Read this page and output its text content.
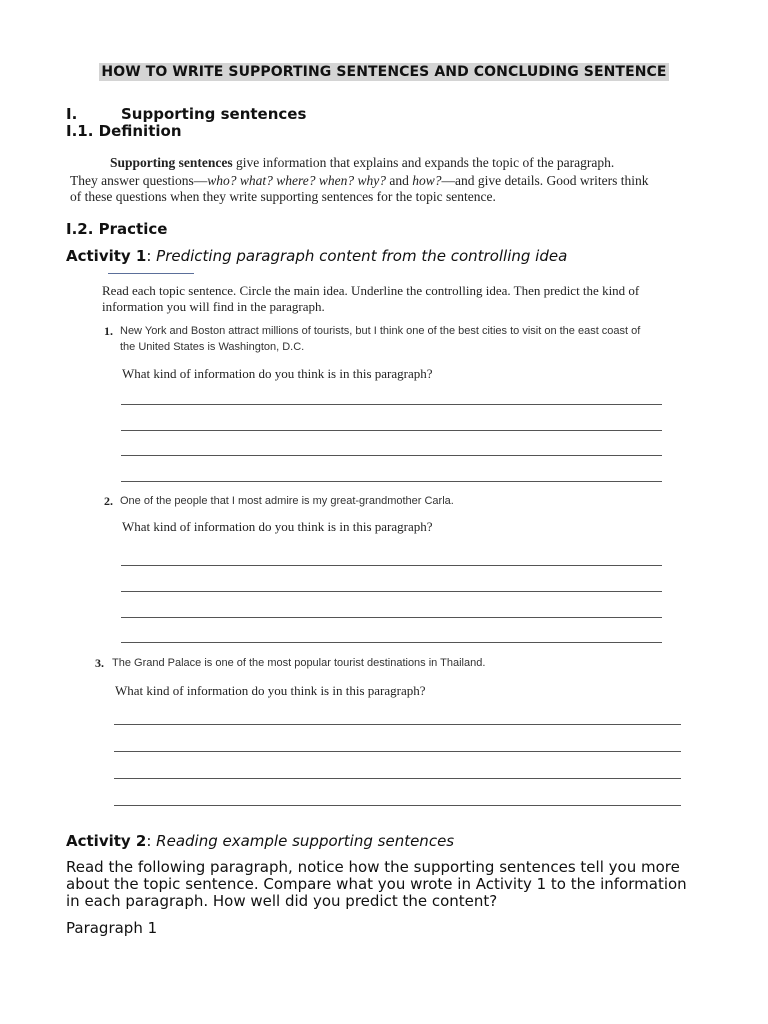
HOW TO WRITE SUPPORTING SENTENCES AND CONCLUDING SENTENCE
I.	Supporting sentences
I.1. Definition
Supporting sentences give information that explains and expands the topic of the paragraph.
They answer questions—who? what? where? when? why? and how?—and give details. Good writers think
of these questions when they write supporting sentences for the topic sentence.
I.2. Practice
Activity 1: Predicting paragraph content from the controlling idea
Read each topic sentence. Circle the main idea. Underline the controlling idea. Then predict the kind of
information you will find in the paragraph.
1. New York and Boston attract millions of tourists, but I think one of the best cities to visit on the east coast of
the United States is Washington, D.C.
What kind of information do you think is in this paragraph?
2. One of the people that I most admire is my great-grandmother Carla.
What kind of information do you think is in this paragraph?
3. The Grand Palace is one of the most popular tourist destinations in Thailand.
What kind of information do you think is in this paragraph?
Activity 2: Reading example supporting sentences
Read the following paragraph, notice how the supporting sentences tell you more
about the topic sentence. Compare what you wrote in Activity 1 to the information
in each paragraph. How well did you predict the content?
Paragraph 1
